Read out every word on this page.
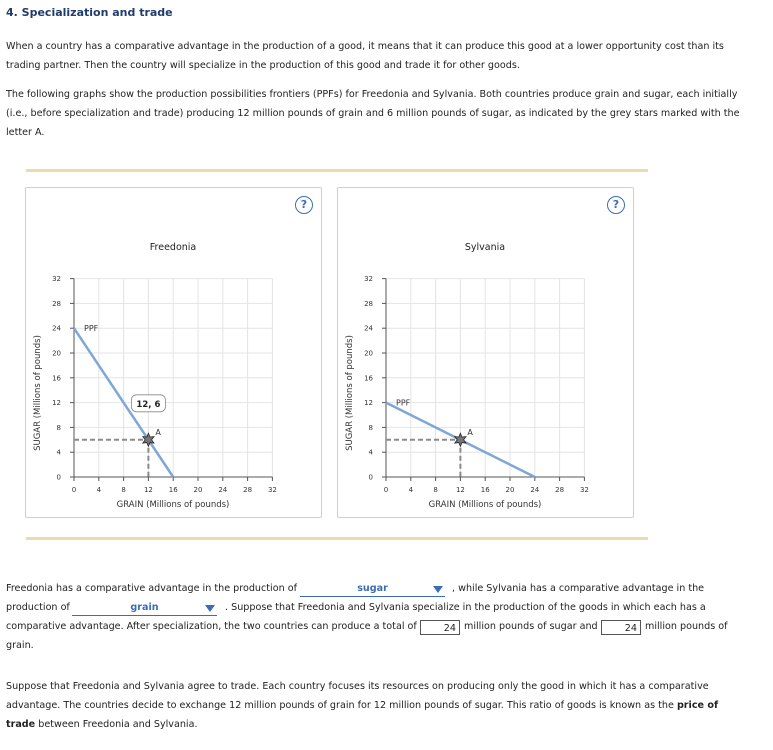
4. Specialization and trade
When a country has a comparative advantage in the production of a good, it means that it can produce this good at a lower opportunity cost than its trading partner. Then the country will specialize in the production of this good and trade it for other goods.
The following graphs show the production possibilities frontiers (PPFs) for Freedonia and Sylvania. Both countries produce grain and sugar, each initially (i.e., before specialization and trade) producing 12 million pounds of grain and 6 million pounds of sugar, as indicated by the grey stars marked with the letter A.
0
0
4
4
8
8
12
12
16
16
20
20
24
24
28
28
32
32
Freedonia
SUGAR (Millions of pounds)
GRAIN (Millions of pounds)
PPF
A
12, 6
?
0
0
4
4
8
8
12
12
16
16
20
20
24
24
28
28
32
32
Sylvania
SUGAR (Millions of pounds)
GRAIN (Millions of pounds)
PPF
A
?
Freedonia has a comparative advantage in the production of	sugar	, while Sylvania has a comparative advantage in the
production of	grain	. Suppose that Freedonia and Sylvania specialize in the production of the goods in which each has a
comparative advantage. After specialization, the two countries can produce a total of	24 million pounds of sugar and	24 million pounds of
grain.
Suppose that Freedonia and Sylvania agree to trade. Each country focuses its resources on producing only the good in which it has a comparative advantage. The countries decide to exchange 12 million pounds of grain for 12 million pounds of sugar. This ratio of goods is known as the price of
trade between Freedonia and Sylvania.
